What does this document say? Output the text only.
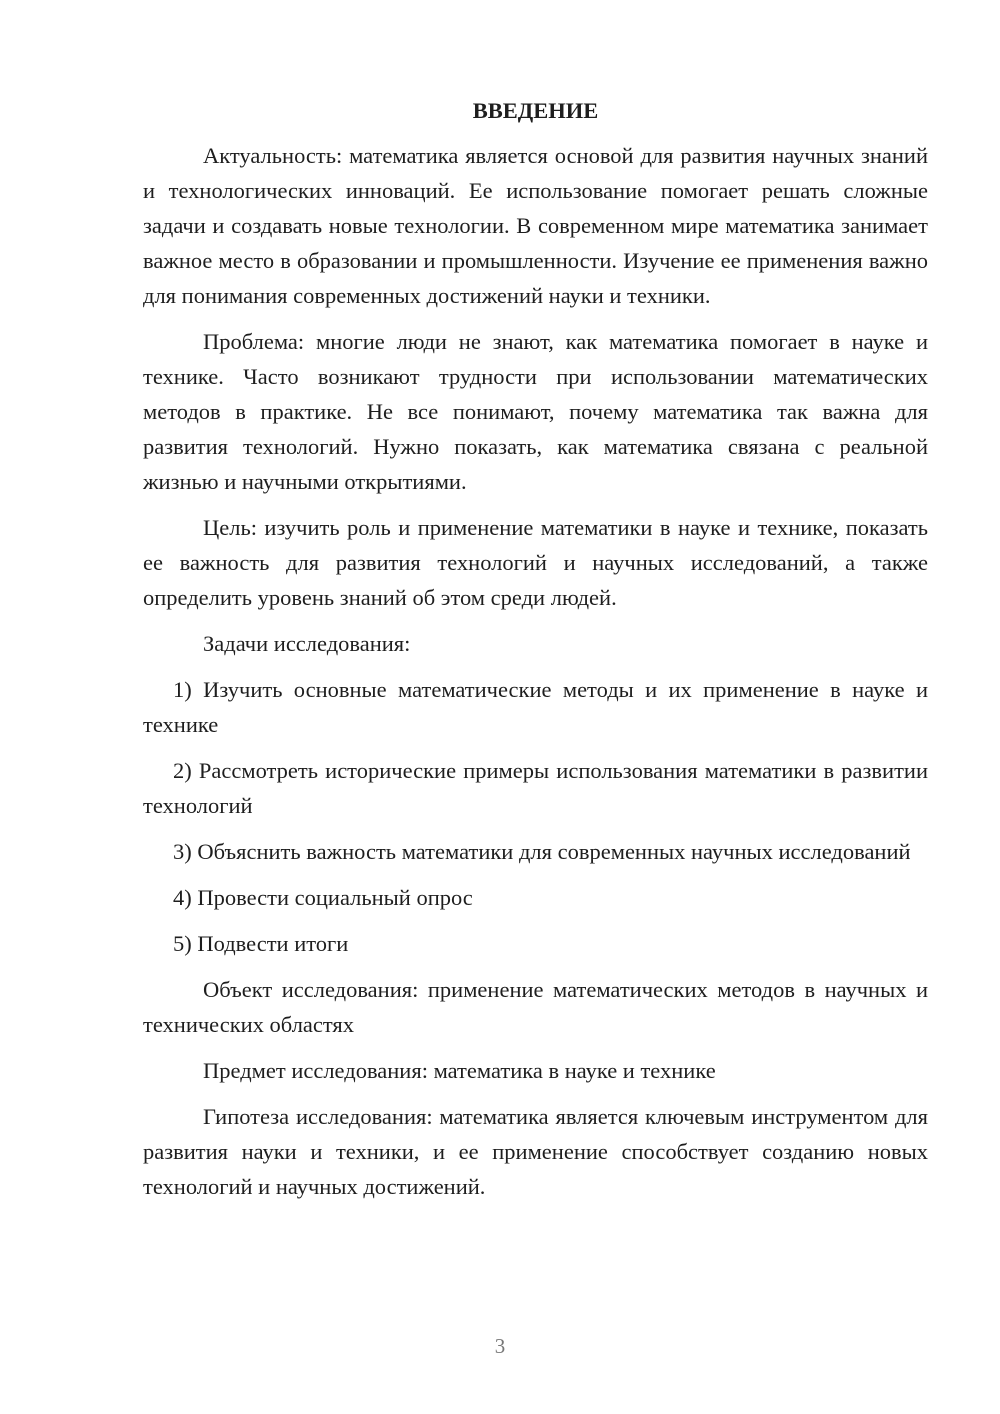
ВВЕДЕНИЕ

Актуальность: математика является основой для развития научных знаний и технологических инноваций. Ее использование помогает решать сложные задачи и создавать новые технологии. В современном мире математика занимает важное место в образовании и промышленности. Изучение ее применения важно для понимания современных достижений науки и техники.

Проблема: многие люди не знают, как математика помогает в науке и технике. Часто возникают трудности при использовании математических методов в практике. Не все понимают, почему математика так важна для развития технологий. Нужно показать, как математика связана с реальной жизнью и научными открытиями.

Цель: изучить роль и применение математики в науке и технике, показать ее важность для развития технологий и научных исследований, а также определить уровень знаний об этом среди людей.

Задачи исследования:

1) Изучить основные математические методы и их применение в науке и технике

2) Рассмотреть исторические примеры использования математики в развитии технологий

3) Объяснить важность математики для современных научных исследований

4) Провести социальный опрос

5) Подвести итоги

Объект исследования: применение математических методов в научных и технических областях

Предмет исследования: математика в науке и технике

Гипотеза исследования: математика является ключевым инструментом для развития науки и техники, и ее применение способствует созданию новых технологий и научных достижений.

3
